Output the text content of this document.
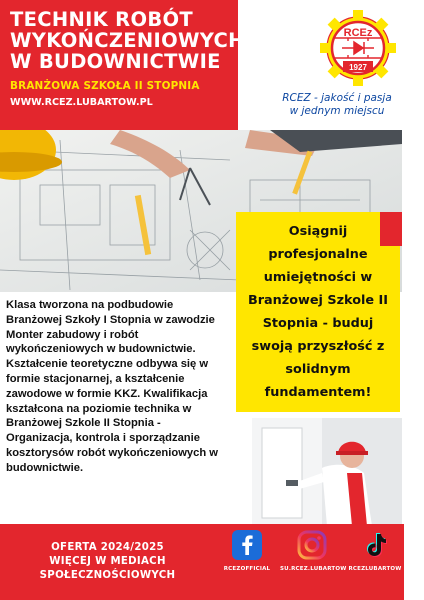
TECHNIK ROBÓT
WYKOŃCZENIOWYCH
W BUDOWNICTWIE
BRANŻOWA SZKOŁA II STOPNIA
WWW.RCEZ.LUBARTOW.PL
RCEz
1927
RCEZ - jakość i pasja
w jednym miejscu
Osiągnij profesjonalne umiejętności w Branżowej Szkole II Stopnia - buduj swoją przyszłość z solidnym fundamentem!
Klasa tworzona na podbudowie Branżowej Szkoły I Stopnia w zawodzie Monter zabudowy i robót wykończeniowych w budownictwie. Kształcenie teoretyczne odbywa się w formie stacjonarnej, a kształcenie zawodowe w formie KKZ. Kwalifikacja kształcona na poziomie technika w Branżowej Szkole II Stopnia - Organizacja, kontrola i sporządzanie kosztorysów robót wykończeniowych w budownictwie.
OFERTA 2024/2025
WIĘCEJ W MEDIACH
SPOŁECZNOŚCIOWYCH
RCEZOFFICIAL	SU.RCEZ.LUBARTOW RCEZLUBARTOW
